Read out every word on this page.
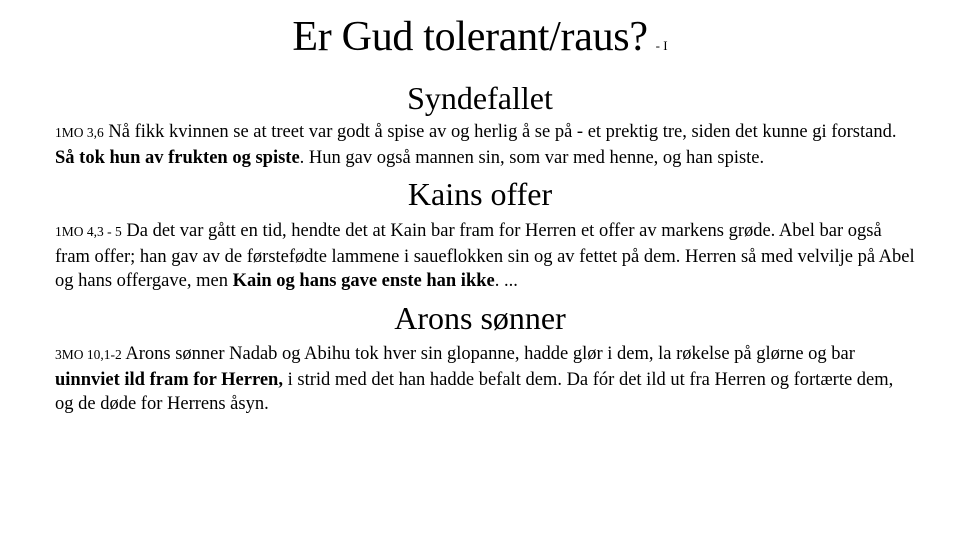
Er Gud tolerant/raus? - I
Syndefallet
1MO 3,6 Nå fikk kvinnen se at treet var godt å spise av og herlig å se på - et prektig tre, siden det kunne gi forstand. Så tok hun av frukten og spiste. Hun gav også mannen sin, som var med henne, og han spiste.
Kains offer
1MO 4,3 - 5 Da det var gått en tid, hendte det at Kain bar fram for Herren et offer av markens grøde. Abel bar også fram offer; han gav av de førstefødte lammene i saueflokken sin og av fettet på dem. Herren så med velvilje på Abel og hans offergave, men Kain og hans gave enste han ikke. ...
Arons sønner
3MO 10,1-2 Arons sønner Nadab og Abihu tok hver sin glopanne, hadde glør i dem, la røkelse på glørne og bar uinnviet ild fram for Herren, i strid med det han hadde befalt dem. Da fór det ild ut fra Herren og fortærte dem, og de døde for Herrens åsyn.
